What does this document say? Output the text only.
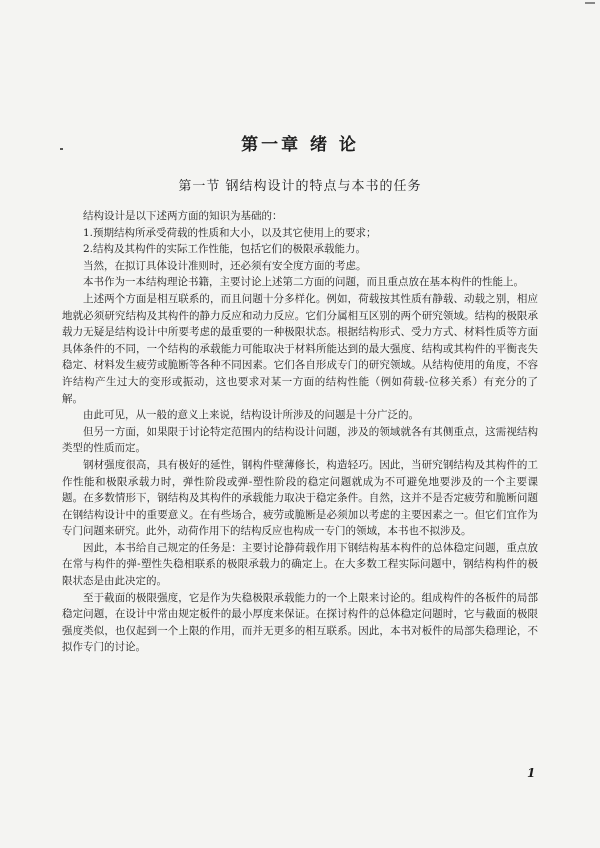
第一章 绪 论
第一节 钢结构设计的特点与本书的任务

结构设计是以下述两方面的知识为基础的：

1.预期结构所承受荷载的性质和大小，以及其它使用上的要求；

2.结构及其构件的实际工作性能，包括它们的极限承载能力。

当然，在拟订具体设计准则时，还必须有安全度方面的考虑。

本书作为一本结构理论书籍，主要讨论上述第二方面的问题，而且重点放在基本构件的性能上。

上述两个方面是相互联系的，而且问题十分多样化。例如，荷载按其性质有静载、动载之别，相应地就必须研究结构及其构件的静力反应和动力反应。它们分属相互区别的两个研究领域。结构的极限承载力无疑是结构设计中所要考虑的最重要的一种极限状态。根据结构形式、受力方式、材料性质等方面具体条件的不同，一个结构的承载能力可能取决于材料所能达到的最大强度、结构或其构件的平衡丧失稳定、材料发生疲劳或脆断等各种不同因素。它们各自形成专门的研究领域。从结构使用的角度，不容许结构产生过大的变形或振动，这也要求对某一方面的结构性能（例如荷载-位移关系）有充分的了解。

由此可见，从一般的意义上来说，结构设计所涉及的问题是十分广泛的。

但另一方面，如果限于讨论特定范围内的结构设计问题，涉及的领域就各有其侧重点，这需视结构类型的性质而定。

钢材强度很高，具有极好的延性，钢构件壁薄修长，构造轻巧。因此，当研究钢结构及其构件的工作性能和极限承载力时，弹性阶段或弹-塑性阶段的稳定问题就成为不可避免地要涉及的一个主要课题。在多数情形下，钢结构及其构件的承载能力取决于稳定条件。自然，这并不是否定疲劳和脆断问题在钢结构设计中的重要意义。在有些场合，疲劳或脆断是必须加以考虑的主要因素之一。但它们宜作为专门问题来研究。此外，动荷作用下的结构反应也构成一专门的领域，本书也不拟涉及。

因此，本书给自己规定的任务是：主要讨论静荷载作用下钢结构基本构件的总体稳定问题，重点放在常与构件的弹-塑性失稳相联系的极限承载力的确定上。在大多数工程实际问题中，钢结构构件的极限状态是由此决定的。

至于截面的极限强度，它是作为失稳极限承载能力的一个上限来讨论的。组成构件的各板件的局部稳定问题，在设计中常由规定板件的最小厚度来保证。在探讨构件的总体稳定问题时，它与截面的极限强度类似，也仅起到一个上限的作用，而并无更多的相互联系。因此，本书对板件的局部失稳理论，不拟作专门的讨论。

1
